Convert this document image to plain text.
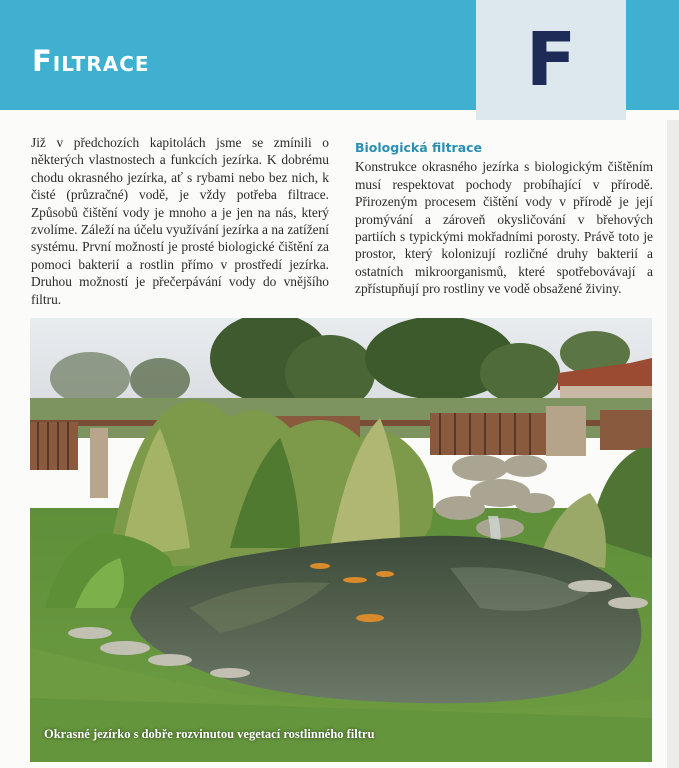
Filtrace	F

Již v předchozích kapitolách jsme se zmínili o některých vlastnostech a funkcích jezírka. K dobrému chodu okrasného jezírka, ať s rybami nebo bez nich, k čisté (průzračné) vodě, je vždy potřeba filtrace. Způsobů čištění vody je mnoho a je jen na nás, který zvolíme. Záleží na účelu využívání jezírka a na zatížení systému. První možností je prosté biologické čištění za pomoci bakterií a rostlin přímo v prostředí jezírka. Druhou možností je přečerpávání vody do vnějšího filtru.

Biologická filtrace

Konstrukce okrasného jezírka s biologickým čištěním musí respektovat pochody probíhající v přírodě. Přirozeným procesem čištění vody v přírodě je její promývání a zároveň okysličování v břehových partiích s typickými mokřadními porosty. Právě toto je prostor, který kolonizují rozličné druhy bakterií a ostatních mikroorganismů, které spotřebovávají a zpřístupňují pro rostliny ve vodě obsažené živiny.

Okrasné jezírko s dobře rozvinutou vegetací rostlinného filtru
